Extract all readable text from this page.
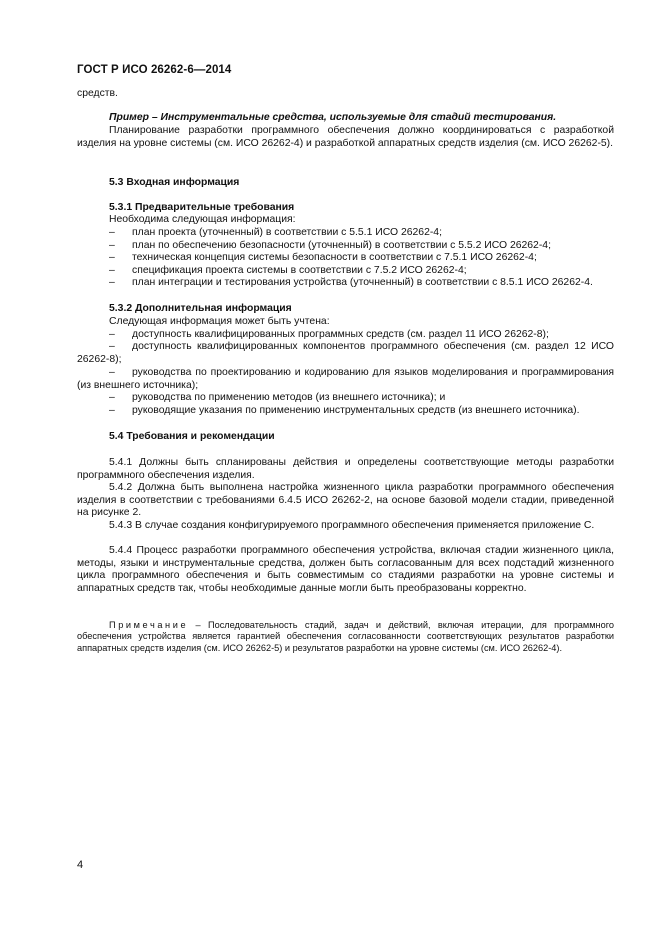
ГОСТ Р ИСО 26262-6—2014
средств.
Пример – Инструментальные средства, используемые для стадий тестирования.
Планирование разработки программного обеспечения должно координироваться с разработкой изделия на уровне системы (см. ИСО 26262-4) и разработкой аппаратных средств изделия (см. ИСО 26262-5).
5.3 Входная информация
5.3.1 Предварительные требования
Необходима следующая информация:
–	план проекта (уточненный) в соответствии с 5.5.1 ИСО 26262-4;
–	план по обеспечению безопасности (уточненный) в соответствии с 5.5.2 ИСО 26262-4;
–	техническая концепция системы безопасности в соответствии с 7.5.1 ИСО 26262-4;
–	спецификация проекта системы в соответствии с 7.5.2 ИСО 26262-4;
–	план интеграции и тестирования устройства (уточненный) в соответствии с 8.5.1 ИСО 26262-4.
5.3.2 Дополнительная информация
Следующая информация может быть учтена:
–	доступность квалифицированных программных средств (см. раздел 11 ИСО 26262-8);
–	доступность квалифицированных компонентов программного обеспечения (см. раздел 12 ИСО 26262-8);
–	руководства по проектированию и кодированию для языков моделирования и программирования (из внешнего источника);
–	руководства по применению методов (из внешнего источника); и
–	руководящие указания по применению инструментальных средств (из внешнего источника).
5.4 Требования и рекомендации
5.4.1 Должны быть спланированы действия и определены соответствующие методы разработки программного обеспечения изделия.
5.4.2 Должна быть выполнена настройка жизненного цикла разработки программного обеспечения изделия в соответствии с требованиями 6.4.5 ИСО 26262-2, на основе базовой модели стадии, приведенной на рисунке 2.
5.4.3 В случае создания конфигурируемого программного обеспечения применяется приложение С.
5.4.4 Процесс разработки программного обеспечения устройства, включая стадии жизненного цикла, методы, языки и инструментальные средства, должен быть согласованным для всех подстадий жизненного цикла программного обеспечения и быть совместимым со стадиями разработки на уровне системы и аппаратных средств так, чтобы необходимые данные могли быть преобразованы корректно.
Примечание – Последовательность стадий, задач и действий, включая итерации, для программного обеспечения устройства является гарантией обеспечения согласованности соответствующих результатов разработки аппаратных средств изделия (см. ИСО 26262-5) и результатов разработки на уровне системы (см. ИСО 26262-4).
4
